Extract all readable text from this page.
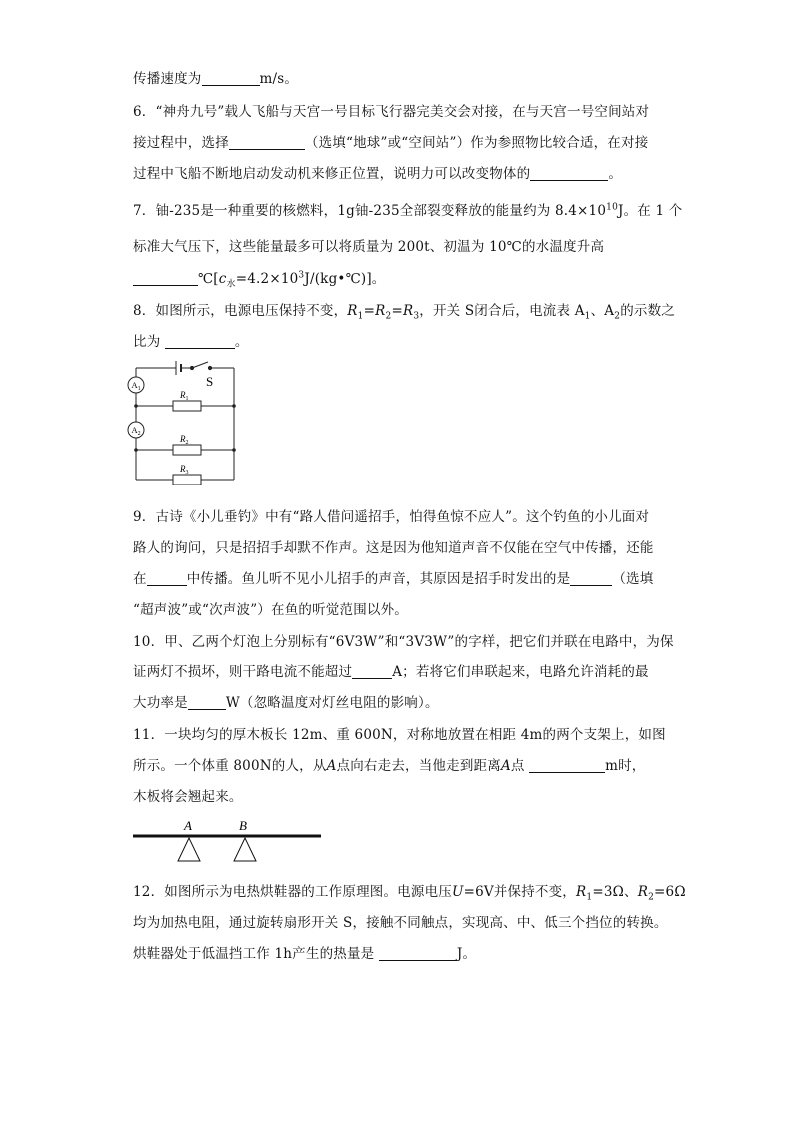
传播速度为	m/s。
6．“神舟九号”载人飞船与天宫一号目标飞行器完美交会对接，在与天宫一号空间站对
接过程中，选择	（选填“地球”或“空间站”）作为参照物比较合适，在对接
过程中飞船不断地启动发动机来修正位置，说明力可以改变物体的	。
7．铀-235是一种重要的核燃料，1g铀-235全部裂变释放的能量约为 $8.4\times 10^{10}J$。在 1 个
标准大气压下，这些能量最多可以将质量为 200t、初温为 10℃的水温度升高
$℃[c_水=4.2\times 10^3J/(kg•℃)]$。
8．如图所示，电源电压保持不变，$R_1=R_2=R_3$，开关 S闭合后，电流表 $A_1$、$A_2$的示数之
比为	。
S
$A_1$
$A_2$
$R_1$
$R_2$
$R_3$
9．古诗《小儿垂钓》中有“路人借问遥招手，怕得鱼惊不应人”。这个钓鱼的小儿面对
路人的询问，只是招招手却默不作声。这是因为他知道声音不仅能在空气中传播，还能
在	中传播。鱼儿听不见小儿招手的声音，其原因是招手时发出的是	（选填
“超声波”或“次声波”）在鱼的听觉范围以外。
10．甲、乙两个灯泡上分别标有“6V3W”和“3V3W”的字样，把它们并联在电路中，为保
证两灯不损坏，则干路电流不能超过	A；若将它们串联起来，电路允许消耗的最
大功率是	W（忽略温度对灯丝电阻的影响）。
11．一块均匀的厚木板长 12m、重 600N，对称地放置在相距 4m的两个支架上，如图
所示。一个体重 800N的人，从A点向右走去，当他走到距离A点	m时，
木板将会翘起来。
A	B
12．如图所示为电热烘鞋器的工作原理图。电源电压U=6V并保持不变，$R_1=3\Omega$、$R_2=6\Omega$
均为加热电阻，通过旋转扇形开关 S，接触不同触点，实现高、中、低三个挡位的转换。
烘鞋器处于低温挡工作 1h产生的热量是	J。
